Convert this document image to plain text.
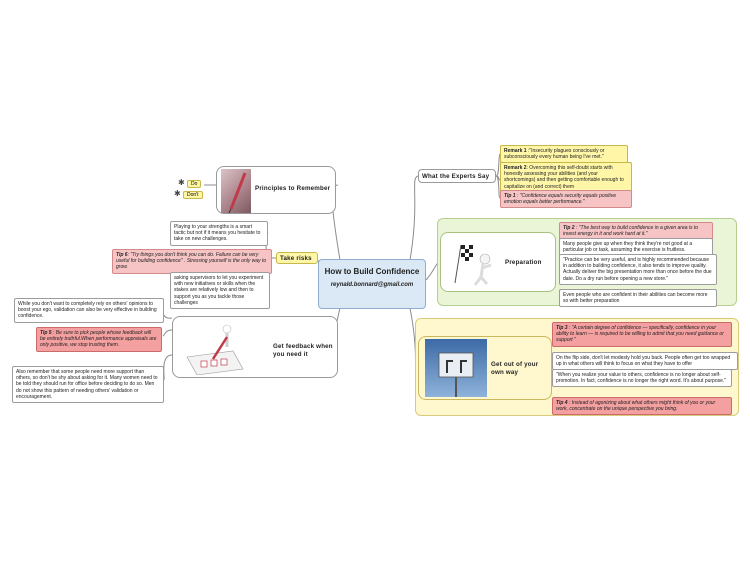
How to Build Confidence
reynald.bonnard@gmail.com
Principles to Remember
✱	Do
✱	Don't
Take risks
Playing to your strengths is a smart tactic but not if it means you hesitate to take on new challenges.
Tip 6: "Try things you don't think you can do. Failure can be very useful for building confidence" . Stressing yourself is the only way to grow.
asking supervisors to let you experiment with new initiatives or skills when the stakes are relatively low and then to support you as you tackle those challenges
Get feedback when you need it
While you don't want to completely rely on others' opinions to boost your ego, validation can also be very effective in building confidence.
Tip 5 : Be sure to pick people whose feedback will be entirely truthful.When performance appraisals are only positive, we stop trusting them.
Also remember that some people need more support than others, so don't be shy about asking for it. Many women need to be told they should run for office before deciding to do so. Men do not show this pattern of needing others' validation or encouragement.
What the Experts Say
Remark 1 :"Insecurity plagues consciously or subconsciously every human being I've met."
Remark 2: Overcoming this self-doubt starts with honestly assessing your abilities (and your shortcomings) and then getting comfortable enough to capitalize on (and correct) them
Tip 1 : "Confidence equals security equals positive emotion equals better performance."
Preparation
Tip 2 : "The best way to build confidence in a given area is to invest energy in it and work hard at it."
Many people give up when they think they're not good at a particular job or task, assuming the exercise is fruitless.
"Practice can be very useful, and is highly recommended because in addition to building confidence, it also tends to improve quality. Actually deliver the big presentation more than once before the due date. Do a dry run before opening a new store."
Even people who are confident in their abilities can become more so with better preparation
Get out of your own way
Tip 3 : "A certain degree of confidence — specifically, confidence in your ability to learn — is required to be willing to admit that you need guidance or support "
On the flip side, don't let modesty hold you back. People often get too wrapped up in what others will think to focus on what they have to offer
"When you realize your value to others, confidence is no longer about self-promotion. In fact, confidence is no longer the right word. It's about purpose."
Tip 4 : Instead of agonizing about what others might think of you or your work, concentrate on the unique perspective you bring.
